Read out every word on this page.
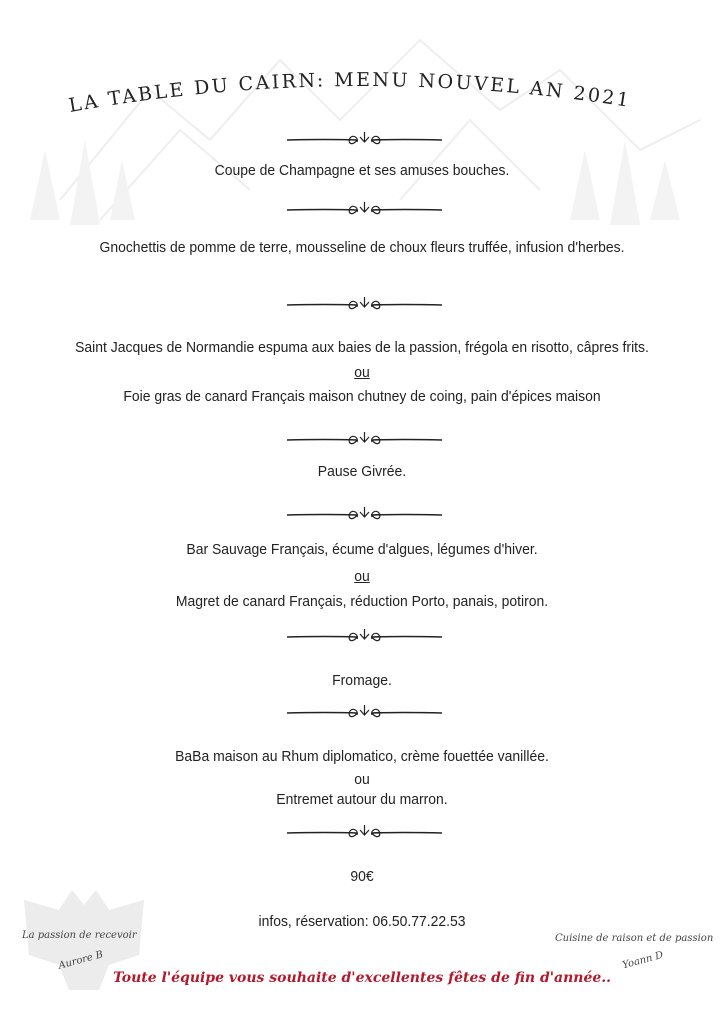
LA TABLE DU CAIRN: MENU NOUVEL AN 2021
Coupe de Champagne et ses amuses bouches.
Gnochettis de pomme de terre, mousseline de choux fleurs truffée, infusion d'herbes.
Saint Jacques de Normandie espuma aux baies de la passion, frégola en risotto, câpres frits.
ou
Foie gras de canard Français maison chutney de coing, pain d'épices maison
Pause Givrée.
Bar Sauvage Français, écume d'algues, légumes d'hiver.
ou
Magret de canard Français, réduction Porto, panais, potiron.
Fromage.
BaBa maison au Rhum diplomatico, crème fouettée vanillée.
ou
Entremet autour du marron.
90€
infos, réservation: 06.50.77.22.53
La passion de recevoir
Aurore B
Cuisine de raison et de passion
Yoann D
Toute l'équipe vous souhaite d'excellentes fêtes de fin d'année..
